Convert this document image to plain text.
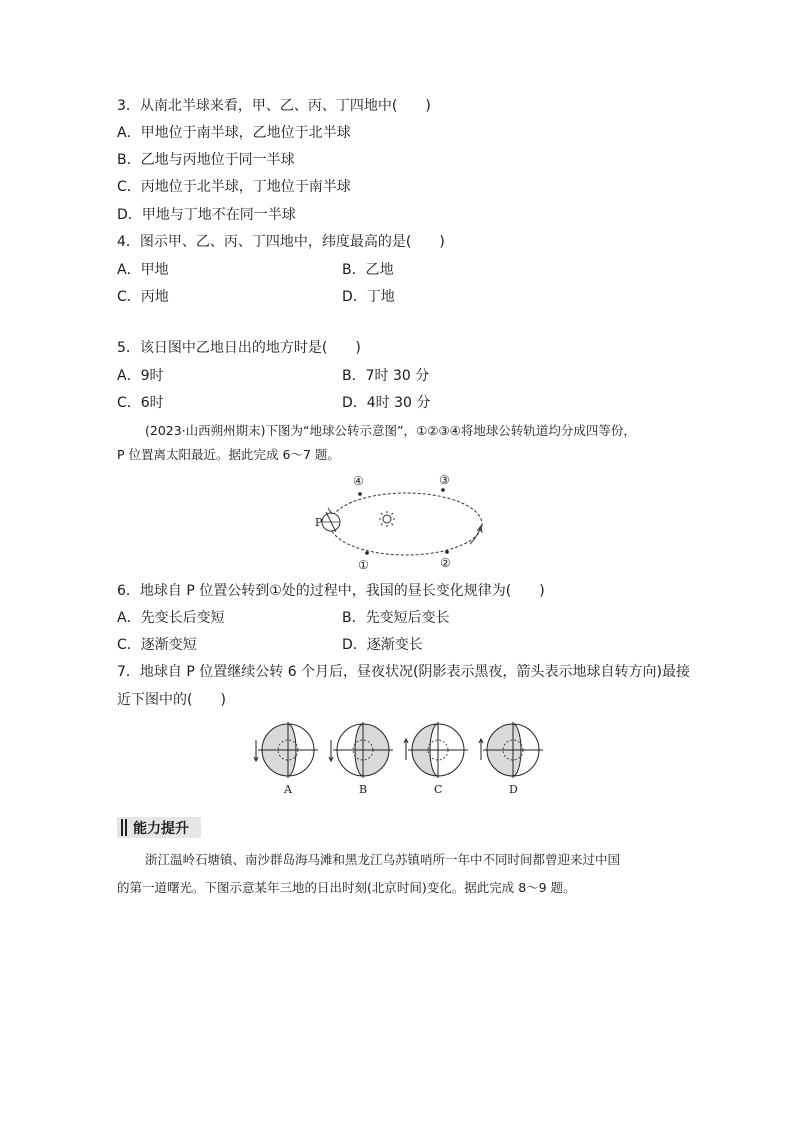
3．从南北半球来看，甲、乙、丙、丁四地中(　　)
A．甲地位于南半球，乙地位于北半球
B．乙地与丙地位于同一半球
C．丙地位于北半球，丁地位于南半球
D．甲地与丁地不在同一半球
4．图示甲、乙、丙、丁四地中，纬度最高的是(　　)
A．甲地	B．乙地
C．丙地	D．丁地
5．该日图中乙地日出的地方时是(　　)
A．9时	B．7时 30 分
C．6时	D．4时 30 分
(2023·山西朔州期末)下图为“地球公转示意图”，①②③④将地球公转轨道均分成四等份，
P 位置离太阳最近。据此完成 6～7 题。
P
④	③
①	②
6．地球自 P 位置公转到①处的过程中，我国的昼长变化规律为(　　)
A．先变长后变短	B．先变短后变长
C．逐渐变短	D．逐渐变长
7．地球自 P 位置继续公转 6 个月后，昼夜状况(阴影表示黑夜，箭头表示地球自转方向)最接
近下图中的(　　)
A	B	C	D
能力提升
浙江温岭石塘镇、南沙群岛海马滩和黑龙江乌苏镇哨所一年中不同时间都曾迎来过中国
的第一道曙光。下图示意某年三地的日出时刻(北京时间)变化。据此完成 8～9 题。
